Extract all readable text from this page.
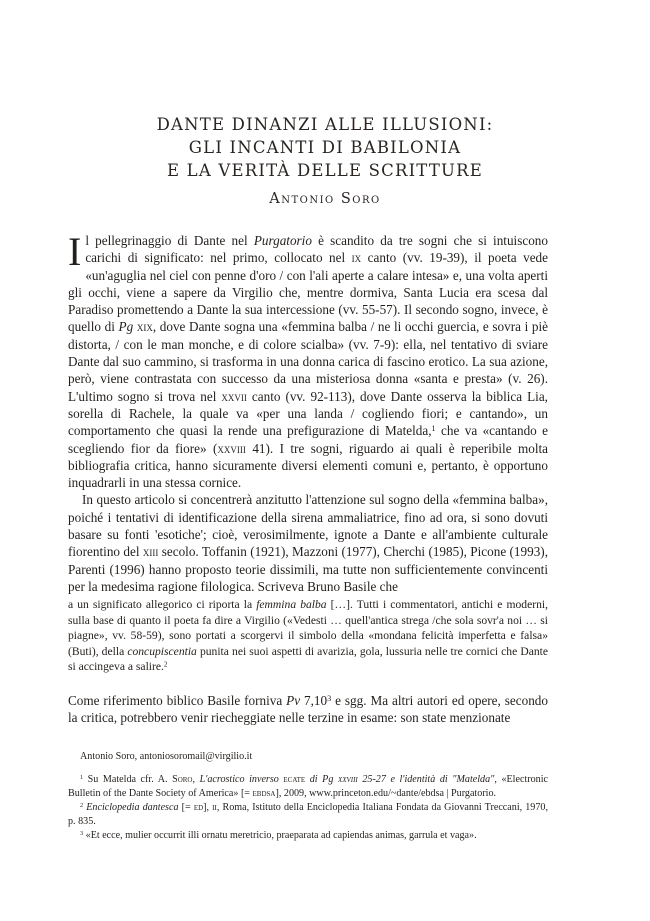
DANTE DINANZI ALLE ILLUSIONI:
GLI INCANTI DI BABILONIA
E LA VERITÀ DELLE SCRITTURE

Antonio Soro

Il pellegrinaggio di Dante nel Purgatorio è scandito da tre sogni che si intuiscono carichi di significato: nel primo, collocato nel ix canto (vv. 19-39), il poeta vede «un'aguglia nel ciel con penne d'oro / con l'ali aperte a calare intesa» e, una volta aperti gli occhi, viene a sapere da Virgilio che, mentre dormiva, Santa Lucia era scesa dal Paradiso promettendo a Dante la sua intercessione (vv. 55-57). Il secondo sogno, invece, è quello di Pg xix, dove Dante sogna una «femmina balba / ne li occhi guercia, e sovra i piè distorta, / con le man monche, e di colore scialba» (vv. 7-9): ella, nel tentativo di sviare Dante dal suo cammino, si trasforma in una donna carica di fascino erotico. La sua azione, però, viene contrastata con successo da una misteriosa donna «santa e presta» (v. 26). L'ultimo sogno si trova nel xxvii canto (vv. 92-113), dove Dante osserva la biblica Lia, sorella di Rachele, la quale va «per una landa / cogliendo fiori; e cantando», un comportamento che quasi la rende una prefigurazione di Matelda,$^1$ che va «cantando e scegliendo fior da fiore» (xxviii 41). I tre sogni, riguardo ai quali è reperibile molta bibliografia critica, hanno sicuramente diversi elementi comuni e, pertanto, è opportuno inquadrarli in una stessa cornice.

In questo articolo si concentrerà anzitutto l'attenzione sul sogno della «femmina balba», poiché i tentativi di identificazione della sirena ammaliatrice, fino ad ora, si sono dovuti basare su fonti 'esotiche'; cioè, verosimilmente, ignote a Dante e all'ambiente culturale fiorentino del xiii secolo. Toffanin (1921), Mazzoni (1977), Cherchi (1985), Picone (1993), Parenti (1996) hanno proposto teorie dissimili, ma tutte non sufficientemente convincenti per la medesima ragione filologica. Scriveva Bruno Basile che

a un significato allegorico ci riporta la femmina balba […]. Tutti i commentatori, antichi e moderni, sulla base di quanto il poeta fa dire a Virgilio («Vedesti … quell'antica strega /che sola sovr'a noi … si piagne», vv. 58-59), sono portati a scorgervi il simbolo della «mondana felicità imperfetta e falsa» (Buti), della concupiscentia punita nei suoi aspetti di avarizia, gola, lussuria nelle tre cornici che Dante si accingeva a salire.$^2$

Come riferimento biblico Basile forniva Pv 7,10$^3$ e sgg. Ma altri autori ed opere, secondo la critica, potrebbero venir riecheggiate nelle terzine in esame: son state menzionate

Antonio Soro, antoniosoromail@virgilio.it

$^1$ Su Matelda cfr. A. Soro, L'acrostico inverso ecate di Pg xxviii 25-27 e l'identità di "Matelda", «Electronic Bulletin of the Dante Society of America» [= ebdsa], 2009, www.princeton.edu/~dante/ebdsa | Purgatorio.

$^2$ Enciclopedia dantesca [= ed], ii, Roma, Istituto della Enciclopedia Italiana Fondata da Giovanni Treccani, 1970, p. 835.

$^3$ «Et ecce, mulier occurrit illi ornatu meretricio, praeparata ad capiendas animas, garrula et vaga».
